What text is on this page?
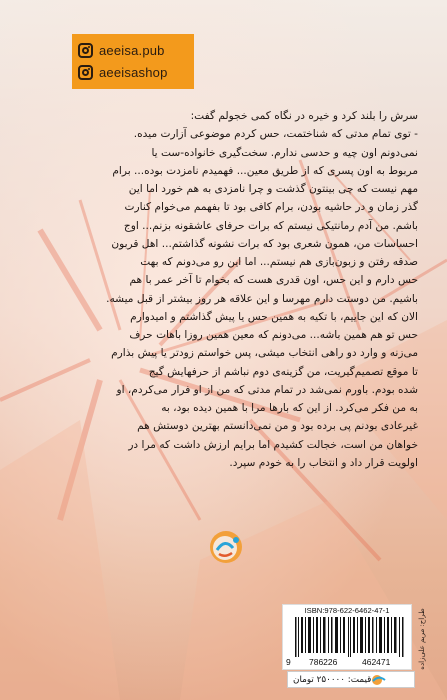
aeeisa.pub
aeeisashop
سرش را بلند کرد و خیره در نگاه کمی خجولم گفت:
- توی تمام مدتی که شناختمت، حس کردم موضوعی آزارت میده.
نمی‌دونم اون چیه و حدسی ندارم. سخت‌گیری خانواده-ست یا
مربوط به اون پسری که از طریق معین... فهمیدم نامزدت بوده... برام
مهم نیست که چی بینتون گذشت و چرا نامزدی به هم خورد اما این
گذر زمان و در حاشیه بودن، برام کافی بود تا بفهمم می‌خوام کنارت
باشم. من آدم رمانتیکی نیستم که برات حرفای عاشقونه بزنم... اوج
احساسات من، همون شعری بود که برات نشونه گذاشتم... اهل قربون
صدقه رفتن و زبون‌بازی هم نیستم... اما این رو می‌دونم که بهت
حس دارم و این حس، اون قدری هست که بخوام تا آخر عمر با هم
باشیم. من دوستت دارم مهرسا و این علاقه هر روز بیشتر از قبل میشه.
الان که این جاییم، با تکیه به همین حس یا پیش گذاشتم و امیدوارم
حس تو هم همین باشه... می‌دونم که معین همین روزا باهات حرف
می‌زنه و وارد دو راهی انتخاب میشی، پس خواستم زودتر یا پیش بذارم
تا موقع تصمیم‌گیریت، من گزینه‌ی دوم نباشم از حرفهایش گیج
شده بودم. باورم نمی‌شد در تمام مدتی که من از او فرار می‌کردم، او
به من فکر می‌کرد. از این که بارها مرا با همین دیده بود، به
غیرعادی بودنم پی برده بود و من نمی‌دانستم بهترین دوستش هم
خواهان من است، خجالت کشیدم اما برایم ارزش داشت که مرا در
اولویت قرار داد و انتخاب را به خودم سپرد.
ISBN:978-622-6462-47-1
9 786226	462471
قیمت: ۲۵۰۰۰۰ تومان
طراح: مریم علی‌زاده
